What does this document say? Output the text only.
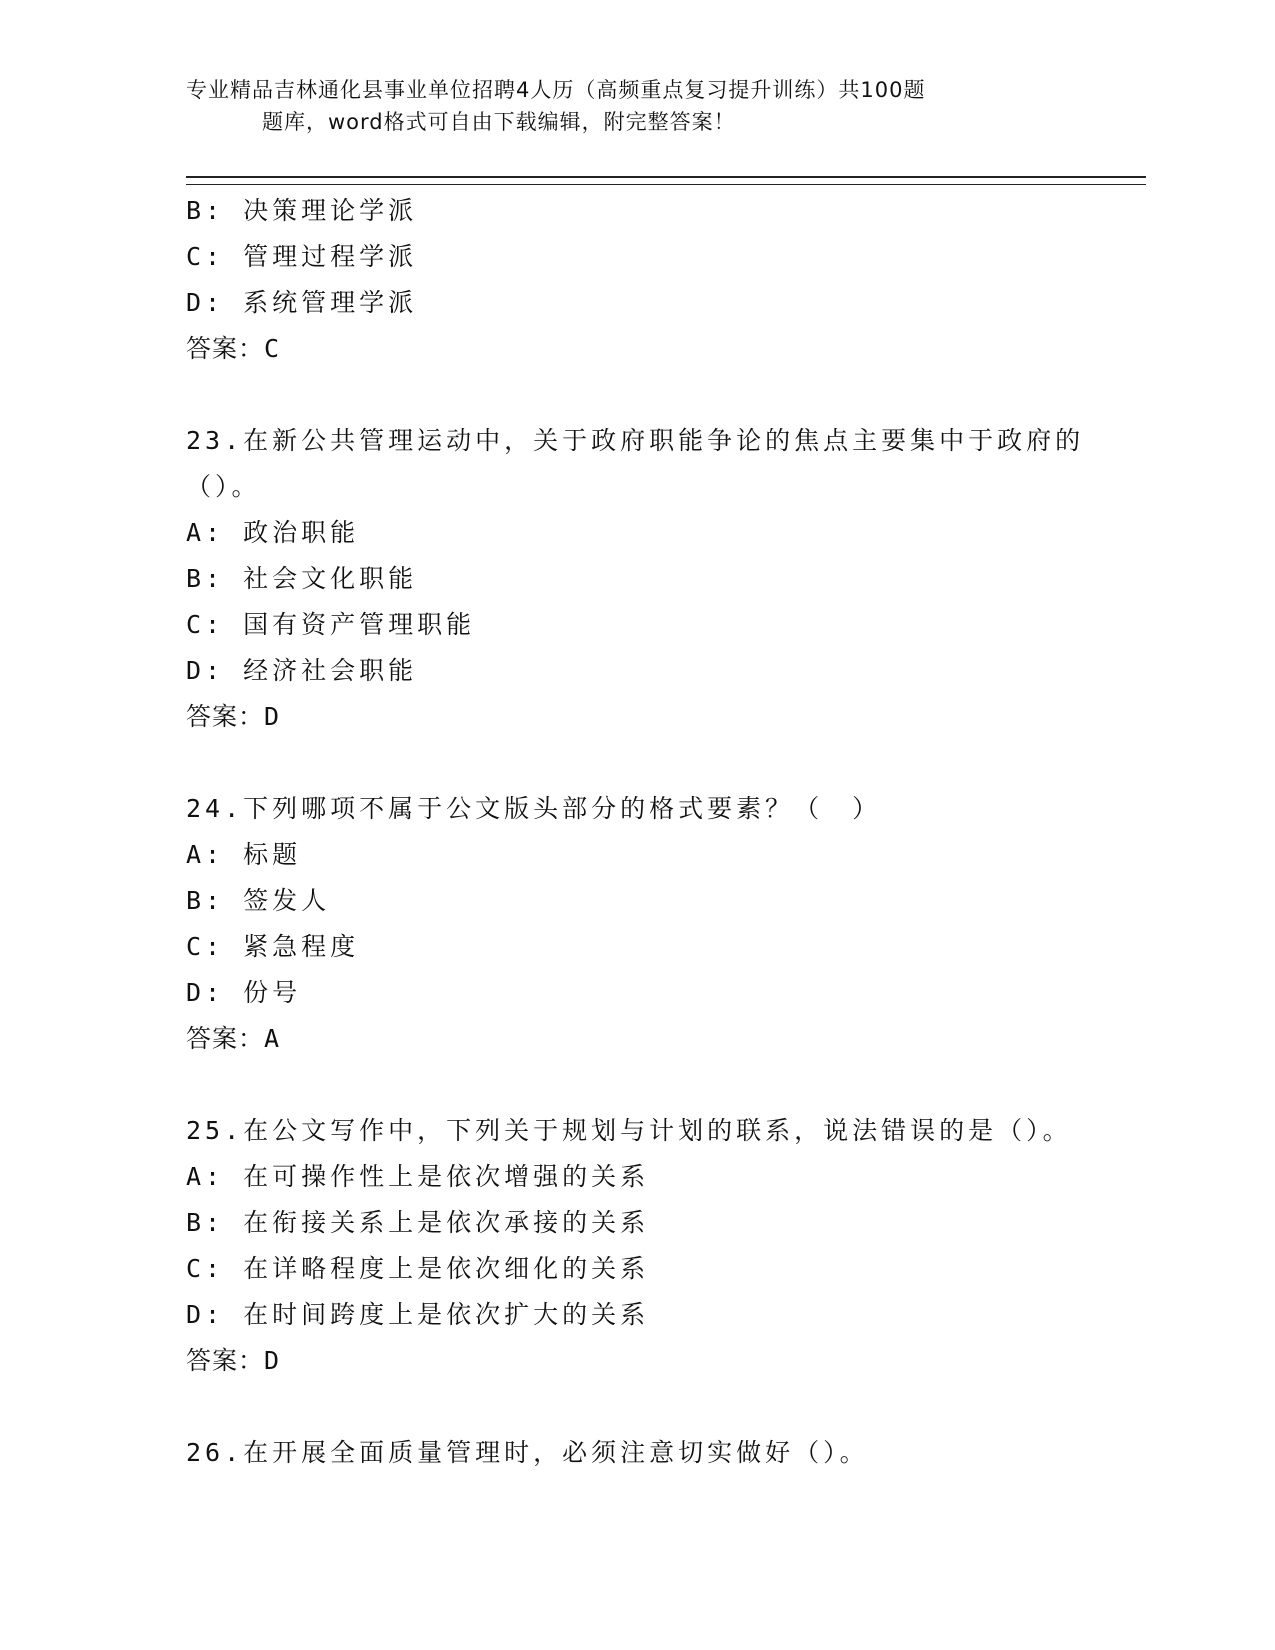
专业精品吉林通化县事业单位招聘4人历（高频重点复习提升训练）共100题
题库，word格式可自由下载编辑，附完整答案！
B: 决策理论学派
C: 管理过程学派
D: 系统管理学派
答案：C
23.在新公共管理运动中，关于政府职能争论的焦点主要集中于政府的
（）。
A: 政治职能
B: 社会文化职能
C: 国有资产管理职能
D: 经济社会职能
答案：D
24.下列哪项不属于公文版头部分的格式要素？（　）
A: 标题
B: 签发人
C: 紧急程度
D: 份号
答案：A
25.在公文写作中，下列关于规划与计划的联系，说法错误的是（）。
A: 在可操作性上是依次增强的关系
B: 在衔接关系上是依次承接的关系
C: 在详略程度上是依次细化的关系
D: 在时间跨度上是依次扩大的关系
答案：D
26.在开展全面质量管理时，必须注意切实做好（）。
